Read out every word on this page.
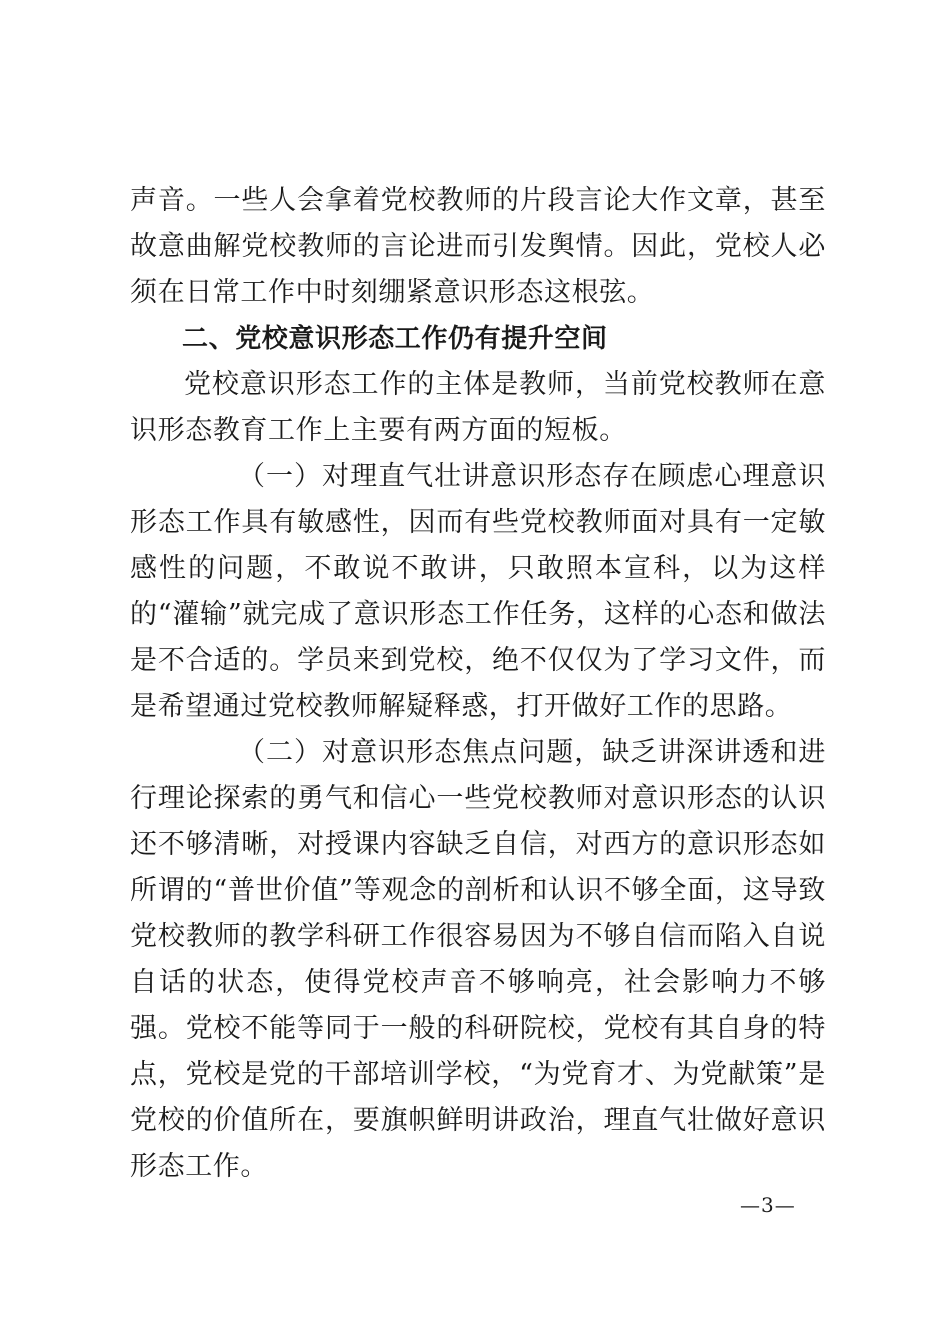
声音。一些人会拿着党校教师的片段言论大作文章，甚至故意曲解党校教师的言论进而引发舆情。因此，党校人必须在日常工作中时刻绷紧意识形态这根弦。

二、党校意识形态工作仍有提升空间

党校意识形态工作的主体是教师，当前党校教师在意识形态教育工作上主要有两方面的短板。

（一）对理直气壮讲意识形态存在顾虑心理意识形态工作具有敏感性，因而有些党校教师面对具有一定敏感性的问题，不敢说不敢讲，只敢照本宣科，以为这样的“灌输”就完成了意识形态工作任务，这样的心态和做法是不合适的。学员来到党校，绝不仅仅为了学习文件，而是希望通过党校教师解疑释惑，打开做好工作的思路。

（二）对意识形态焦点问题，缺乏讲深讲透和进行理论探索的勇气和信心一些党校教师对意识形态的认识还不够清晰，对授课内容缺乏自信，对西方的意识形态如所谓的“普世价值”等观念的剖析和认识不够全面，这导致党校教师的教学科研工作很容易因为不够自信而陷入自说自话的状态，使得党校声音不够响亮，社会影响力不够强。党校不能等同于一般的科研院校，党校有其自身的特点，党校是党的干部培训学校，“为党育才、为党献策”是党校的价值所在，要旗帜鲜明讲政治，理直气壮做好意识形态工作。

—3—
